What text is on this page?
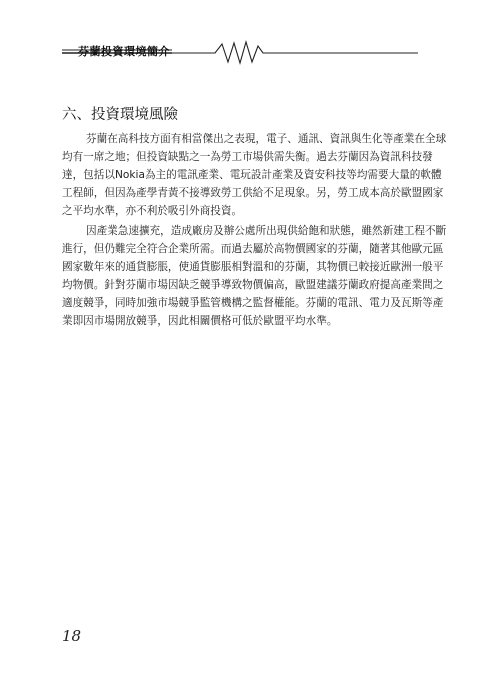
芬蘭投資環境簡介
六、投資環境風險
芬蘭在高科技方面有相當傑出之表現，電子、通訊、資訊與生化等產業在全球
均有一席之地；但投資缺點之一為勞工市場供需失衡。過去芬蘭因為資訊科技發
達，包括以Nokia為主的電訊產業、電玩設計產業及資安科技等均需要大量的軟體
工程師，但因為產學青黃不接導致勞工供給不足現象。另，勞工成本高於歐盟國家
之平均水準，亦不利於吸引外商投資。
因產業急速擴充，造成廠房及辦公處所出現供給飽和狀態，雖然新建工程不斷
進行，但仍難完全符合企業所需。而過去屬於高物價國家的芬蘭，隨著其他歐元區
國家數年來的通貨膨脹，使通貨膨脹相對溫和的芬蘭，其物價已較接近歐洲一般平
均物價。針對芬蘭市場因缺乏競爭導致物價偏高，歐盟建議芬蘭政府提高產業間之
適度競爭，同時加強市場競爭監管機構之監督權能。芬蘭的電訊、電力及瓦斯等產
業即因市場開放競爭，因此相關價格可低於歐盟平均水準。
18
